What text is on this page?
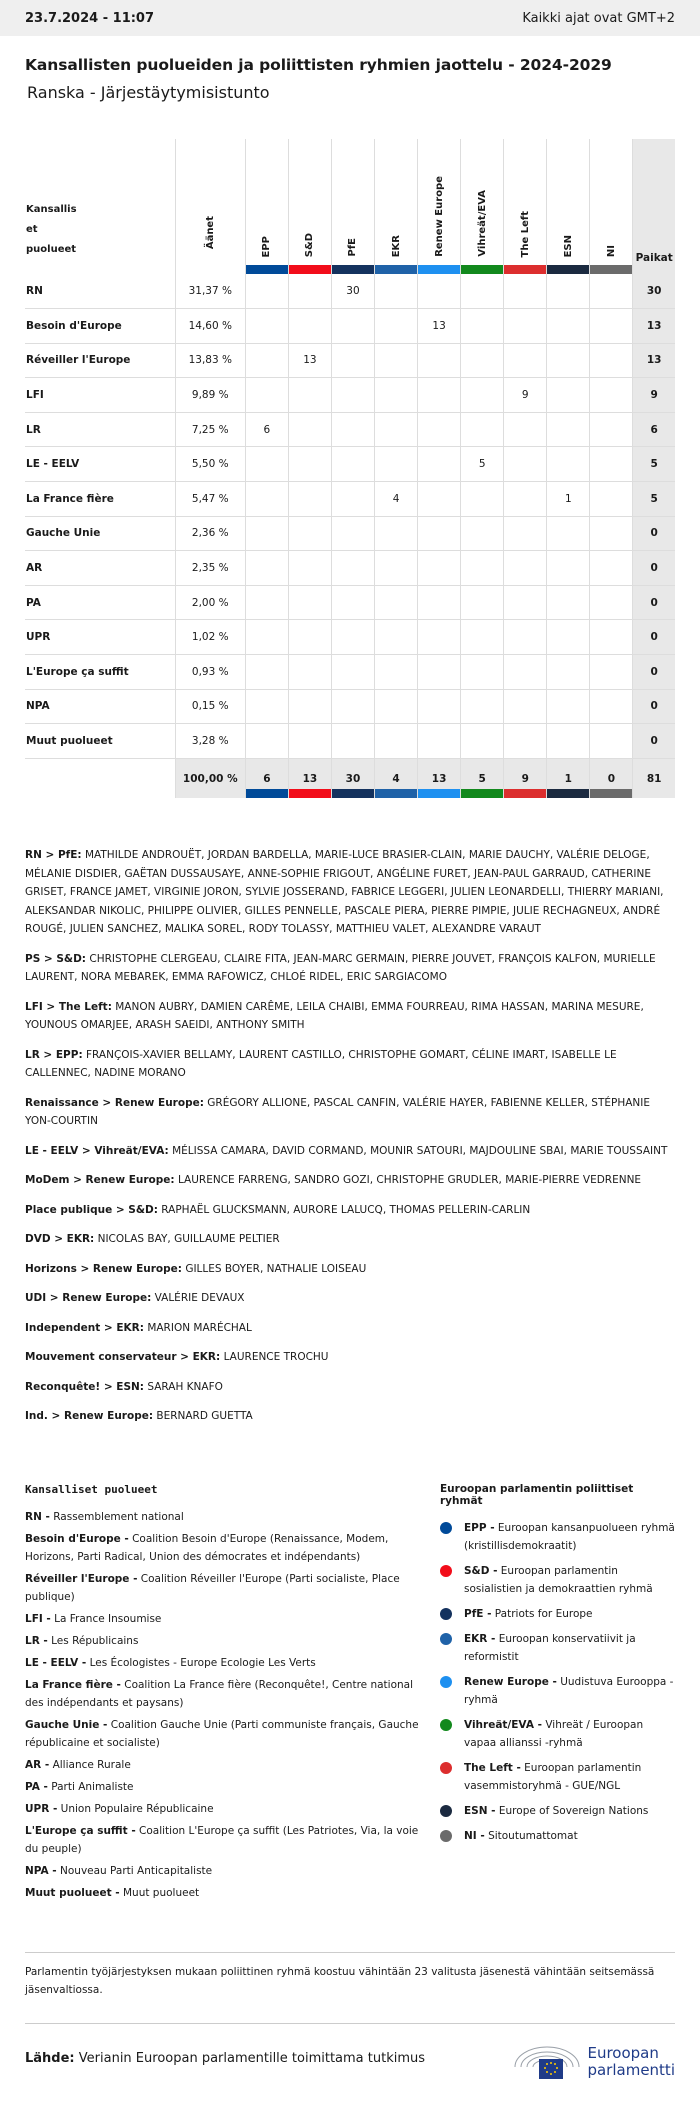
23.7.2024 - 11:07	Kaikki ajat ovat GMT+2
Kansallisten puolueiden ja poliittisten ryhmien jaottelu - 2024-2029
Ranska - Järjestäytymisistunto
Kansallis
et
puolueet	Äänet	EPP	S&D	PfE	EKR	Renew Europe	Vihreät/EVA	The Left	ESN	NI	Paikat

RN	31,37 %			30							30
Besoin d'Europe	14,60 %					13					13
Réveiller l'Europe	13,83 %		13								13
LFI	9,89 %							9			9
LR	7,25 %	6									6
LE - EELV	5,50 %						5				5
La France fière	5,47 %				4				1		5
Gauche Unie	2,36 %										0
AR	2,35 %										0
PA	2,00 %										0
UPR	1,02 %										0
L'Europe ça suffit	0,93 %										0
NPA	0,15 %										0
Muut puolueet	3,28 %										0
	100,00 %	6	13	30	4	13	5	9	1	0	81

RN > PfE: MATHILDE ANDROUËT, JORDAN BARDELLA, MARIE-LUCE BRASIER-CLAIN, MARIE DAUCHY, VALÉRIE DELOGE, MÉLANIE DISDIER, GAËTAN DUSSAUSAYE, ANNE-SOPHIE FRIGOUT, ANGÉLINE FURET, JEAN-PAUL GARRAUD, CATHERINE GRISET, FRANCE JAMET, VIRGINIE JORON, SYLVIE JOSSERAND, FABRICE LEGGERI, JULIEN LEONARDELLI, THIERRY MARIANI, ALEKSANDAR NIKOLIC, PHILIPPE OLIVIER, GILLES PENNELLE, PASCALE PIERA, PIERRE PIMPIE, JULIE RECHAGNEUX, ANDRÉ ROUGÉ, JULIEN SANCHEZ, MALIKA SOREL, RODY TOLASSY, MATTHIEU VALET, ALEXANDRE VARAUT

PS > S&D: CHRISTOPHE CLERGEAU, CLAIRE FITA, JEAN-MARC GERMAIN, PIERRE JOUVET, FRANÇOIS KALFON, MURIELLE LAURENT, NORA MEBAREK, EMMA RAFOWICZ, CHLOÉ RIDEL, ERIC SARGIACOMO

LFI > The Left: MANON AUBRY, DAMIEN CARÊME, LEILA CHAIBI, EMMA FOURREAU, RIMA HASSAN, MARINA MESURE, YOUNOUS OMARJEE, ARASH SAEIDI, ANTHONY SMITH

LR > EPP: FRANÇOIS-XAVIER BELLAMY, LAURENT CASTILLO, CHRISTOPHE GOMART, CÉLINE IMART, ISABELLE LE CALLENNEC, NADINE MORANO

Renaissance > Renew Europe: GRÉGORY ALLIONE, PASCAL CANFIN, VALÉRIE HAYER, FABIENNE KELLER, STÉPHANIE YON-COURTIN

LE - EELV > Vihreät/EVA: MÉLISSA CAMARA, DAVID CORMAND, MOUNIR SATOURI, MAJDOULINE SBAI, MARIE TOUSSAINT

MoDem > Renew Europe: LAURENCE FARRENG, SANDRO GOZI, CHRISTOPHE GRUDLER, MARIE-PIERRE VEDRENNE

Place publique > S&D: RAPHAËL GLUCKSMANN, AURORE LALUCQ, THOMAS PELLERIN-CARLIN

DVD > EKR: NICOLAS BAY, GUILLAUME PELTIER

Horizons > Renew Europe: GILLES BOYER, NATHALIE LOISEAU

UDI > Renew Europe: VALÉRIE DEVAUX

Independent > EKR: MARION MARÉCHAL

Mouvement conservateur > EKR: LAURENCE TROCHU

Reconquête! > ESN: SARAH KNAFO

Ind. > Renew Europe: BERNARD GUETTA

Kansalliset puolueet
RN - Rassemblement national
Besoin d'Europe - Coalition Besoin d'Europe (Renaissance, Modem, Horizons, Parti Radical, Union des démocrates et indépendants)
Réveiller l'Europe - Coalition Réveiller l'Europe (Parti socialiste, Place publique)
LFI - La France Insoumise
LR - Les Républicains
LE - EELV - Les Écologistes - Europe Ecologie Les Verts
La France fière - Coalition La France fière (Reconquête!, Centre national des indépendants et paysans)
Gauche Unie - Coalition Gauche Unie (Parti communiste français, Gauche républicaine et socialiste)
AR - Alliance Rurale
PA - Parti Animaliste
UPR - Union Populaire Républicaine
L'Europe ça suffit - Coalition L'Europe ça suffit (Les Patriotes, Via, la voie du peuple)
NPA - Nouveau Parti Anticapitaliste
Muut puolueet - Muut puolueet
Euroopan parlamentin poliittiset ryhmät
EPP - Euroopan kansanpuolueen ryhmä (kristillisdemokraatit)
S&D - Euroopan parlamentin sosialistien ja demokraattien ryhmä
PfE - Patriots for Europe
EKR - Euroopan konservatiivit ja reformistit
Renew Europe - Uudistuva Eurooppa -ryhmä
Vihreät/EVA - Vihreät / Euroopan vapaa allianssi -ryhmä
The Left - Euroopan parlamentin vasemmistoryhmä - GUE/NGL
ESN - Europe of Sovereign Nations
NI - Sitoutumattomat
Parlamentin työjärjestyksen mukaan poliittinen ryhmä koostuu vähintään 23 valitusta jäsenestä vähintään seitsemässä jäsenvaltiossa.
Lähde: Verianin Euroopan parlamentille toimittama tutkimus	Euroopan
parlamentti
